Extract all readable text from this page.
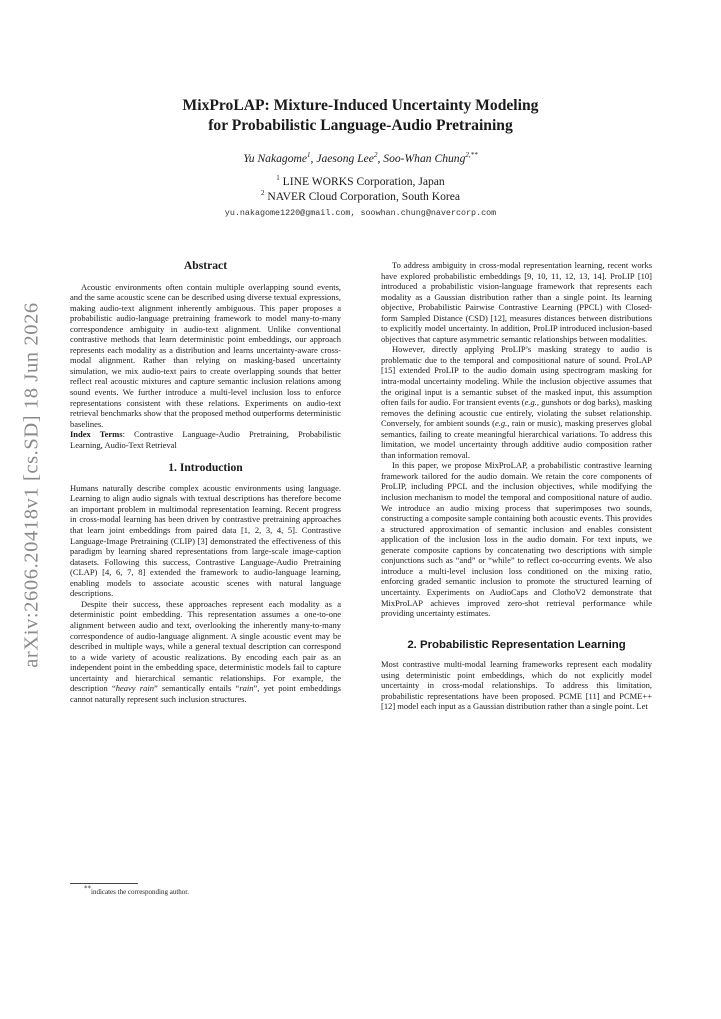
arXiv:2606.20418v1 [cs.SD] 18 Jun 2026
MixProLAP: Mixture-Induced Uncertainty Modeling
for Probabilistic Language-Audio Pretraining
Yu Nakagome$^1$, Jaesong Lee$^2$, Soo-Whan Chung$^{2,**}$
$^1$ LINE WORKS Corporation, Japan
$^2$ NAVER Cloud Corporation, South Korea
yu.nakagome1220@gmail.com, soowhan.chung@navercorp.com
Abstract

Acoustic environments often contain multiple overlapping sound events, and the same acoustic scene can be described using diverse textual expressions, making audio-text alignment inherently ambiguous. This paper proposes a probabilistic audio-language pretraining framework to model many-to-many correspondence ambiguity in audio-text alignment. Unlike conventional contrastive methods that learn deterministic point embeddings, our approach represents each modality as a distribution and learns uncertainty-aware cross-modal alignment. Rather than relying on masking-based uncertainty simulation, we mix audio-text pairs to create overlapping sounds that better reflect real acoustic mixtures and capture semantic inclusion relations among sound events. We further introduce a multi-level inclusion loss to enforce representations consistent with these relations. Experiments on audio-text retrieval benchmarks show that the proposed method outperforms deterministic baselines.

Index Terms: Contrastive Language-Audio Pretraining, Probabilistic Learning, Audio-Text Retrieval

1. Introduction

Humans naturally describe complex acoustic environments using language. Learning to align audio signals with textual descriptions has therefore become an important problem in multimodal representation learning. Recent progress in cross-modal learning has been driven by contrastive pretraining approaches that learn joint embeddings from paired data [1, 2, 3, 4, 5]. Contrastive Language-Image Pretraining (CLIP) [3] demonstrated the effectiveness of this paradigm by learning shared representations from large-scale image-caption datasets. Following this success, Contrastive Language-Audio Pretraining (CLAP) [4, 6, 7, 8] extended the framework to audio-language learning, enabling models to associate acoustic scenes with natural language descriptions.

Despite their success, these approaches represent each modality as a deterministic point embedding. This representation assumes a one-to-one alignment between audio and text, overlooking the inherently many-to-many correspondence of audio-language alignment. A single acoustic event may be described in multiple ways, while a general textual description can correspond to a wide variety of acoustic realizations. By encoding each pair as an independent point in the embedding space, deterministic models fail to capture uncertainty and hierarchical semantic relationships. For example, the description “heavy rain” semantically entails “rain”, yet point embeddings cannot naturally represent such inclusion structures.

To address ambiguity in cross-modal representation learning, recent works have explored probabilistic embeddings [9, 10, 11, 12, 13, 14]. ProLIP [10] introduced a probabilistic vision-language framework that represents each modality as a Gaussian distribution rather than a single point. Its learning objective, Probabilistic Pairwise Contrastive Learning (PPCL) with Closed-form Sampled Distance (CSD) [12], measures distances between distributions to explicitly model uncertainty. In addition, ProLIP introduced inclusion-based objectives that capture asymmetric semantic relationships between modalities.

However, directly applying ProLIP’s masking strategy to audio is problematic due to the temporal and compositional nature of sound. ProLAP [15] extended ProLIP to the audio domain using spectrogram masking for intra-modal uncertainty modeling. While the inclusion objective assumes that the original input is a semantic subset of the masked input, this assumption often fails for audio. For transient events (e.g., gunshots or dog barks), masking removes the defining acoustic cue entirely, violating the subset relationship. Conversely, for ambient sounds (e.g., rain or music), masking preserves global semantics, failing to create meaningful hierarchical variations. To address this limitation, we model uncertainty through additive audio composition rather than information removal.

In this paper, we propose MixProLAP, a probabilistic contrastive learning framework tailored for the audio domain. We retain the core components of ProLIP, including PPCL and the inclusion objectives, while modifying the inclusion mechanism to model the temporal and compositional nature of audio. We introduce an audio mixing process that superimposes two sounds, constructing a composite sample containing both acoustic events. This provides a structured approximation of semantic inclusion and enables consistent application of the inclusion loss in the audio domain. For text inputs, we generate composite captions by concatenating two descriptions with simple conjunctions such as “and” or “while” to reflect co-occurring events. We also introduce a multi-level inclusion loss conditioned on the mixing ratio, enforcing graded semantic inclusion to promote the structured learning of uncertainty. Experiments on AudioCaps and ClothoV2 demonstrate that MixProLAP achieves improved zero-shot retrieval performance while providing uncertainty estimates.

2. Probabilistic Representation Learning

Most contrastive multi-modal learning frameworks represent each modality using deterministic point embeddings, which do not explicitly model uncertainty in cross-modal relationships. To address this limitation, probabilistic representations have been proposed. PCME [11] and PCME++ [12] model each input as a Gaussian distribution rather than a single point. Let

**indicates the corresponding author.
